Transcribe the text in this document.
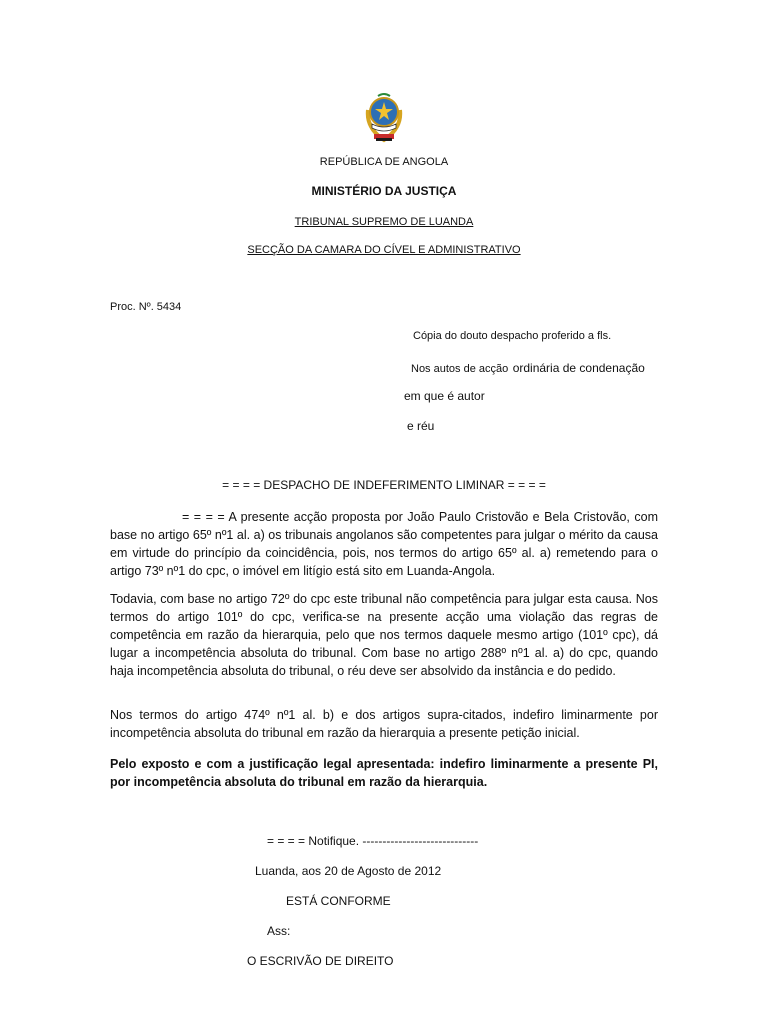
REPÚBLICA DE ANGOLA
MINISTÉRIO DA JUSTIÇA
TRIBUNAL SUPREMO DE LUANDA
SECÇÃO DA CAMARA DO CÍVEL E ADMINISTRATIVO
Proc. Nº. 5434
Cópia do douto despacho proferido a fls.
Nos autos de acção ordinária de condenação
em que é autor
e réu
= = = = DESPACHO DE INDEFERIMENTO LIMINAR = = = =
= = = = A presente acção proposta por João Paulo Cristovão e Bela Cristovão, com base no artigo 65º nº1 al. a) os tribunais angolanos são competentes para julgar o mérito da causa em virtude do princípio da coincidência, pois, nos termos do artigo 65º al. a) remetendo para o artigo 73º nº1 do cpc, o imóvel em litígio está sito em Luanda-Angola.
Todavia, com base no artigo 72º do cpc este tribunal não competência para julgar esta causa. Nos termos do artigo 101º do cpc, verifica-se na presente acção uma violação das regras de competência em razão da hierarquia, pelo que nos termos daquele mesmo artigo (101º cpc), dá lugar a incompetência absoluta do tribunal. Com base no artigo 288º nº1 al. a) do cpc, quando haja incompetência absoluta do tribunal, o réu deve ser absolvido da instância e do pedido.
Nos termos do artigo 474º nº1 al. b) e dos artigos supra-citados, indefiro liminarmente por incompetência absoluta do tribunal em razão da hierarquia a presente petição inicial.
Pelo exposto e com a justificação legal apresentada: indefiro liminarmente a presente PI, por incompetência absoluta do tribunal em razão da hierarquia.
= = = = Notifique. -----------------------------
Luanda, aos 20 de Agosto de 2012
ESTÁ CONFORME
Ass:
O ESCRIVÃO DE DIREITO
